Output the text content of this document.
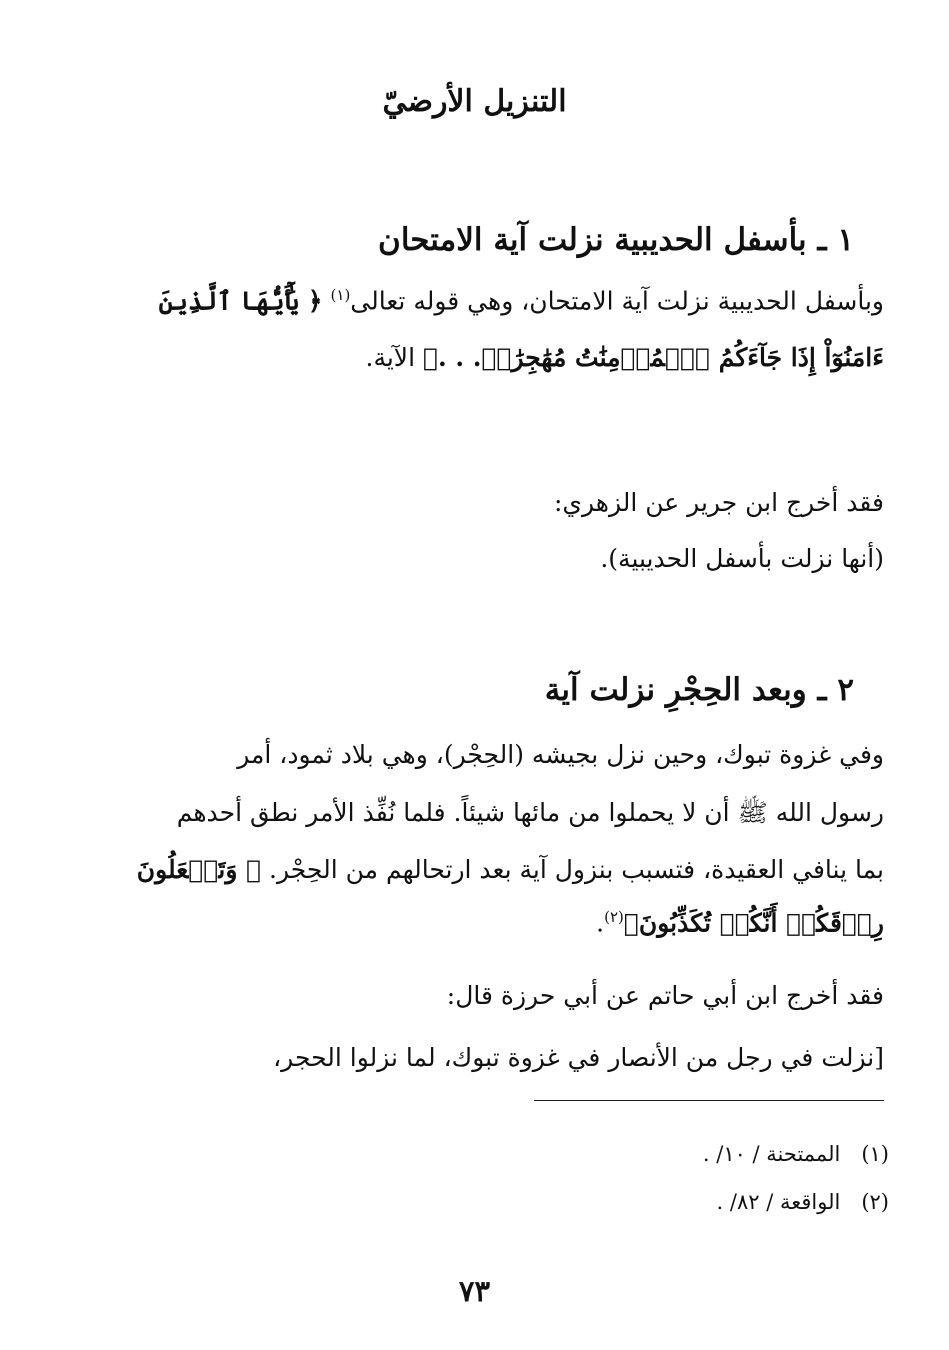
التنزيل الأرضيّ
١ ـ بأسفل الحديبية نزلت آية الامتحان
وبأسفل الحديبية نزلت آية الامتحان، وهي قوله تعالى$^{(١)}$ ﴿ يَٰٓأَيُّهَا ٱلَّذِينَ
ءَامَنُوٓاْ إِذَا جَآءَكُمُ ٱلۡمُؤۡمِنَٰتُ مُهَٰجِرَٰتٖ. . .﴾ الآية.
فقد أخرج ابن جرير عن الزهري:
(أنها نزلت بأسفل الحديبية).
٢ ـ وبعد الحِجْرِ نزلت آية
وفي غزوة تبوك، وحين نزل بجيشه (الحِجْر)، وهي بلاد ثمود، أمر
رسول الله ﷺ أن لا يحملوا من مائها شيئاً. فلما نُفِّذ الأمر نطق أحدهم
بما ينافي العقيدة، فتسبب بنزول آية بعد ارتحالهم من الحِجْر. ﴿ وَتَجۡعَلُونَ
رِزۡقَكُمۡ أَنَّكُمۡ تُكَذِّبُونَ﴾$^{(٢)}$.
فقد أخرج ابن أبي حاتم عن أبي حرزة قال:
[نزلت في رجل من الأنصار في غزوة تبوك، لما نزلوا الحجر،
(١) الممتحنة / ١٠/ .
(٢) الواقعة / ٨٢/ .
٧٣
